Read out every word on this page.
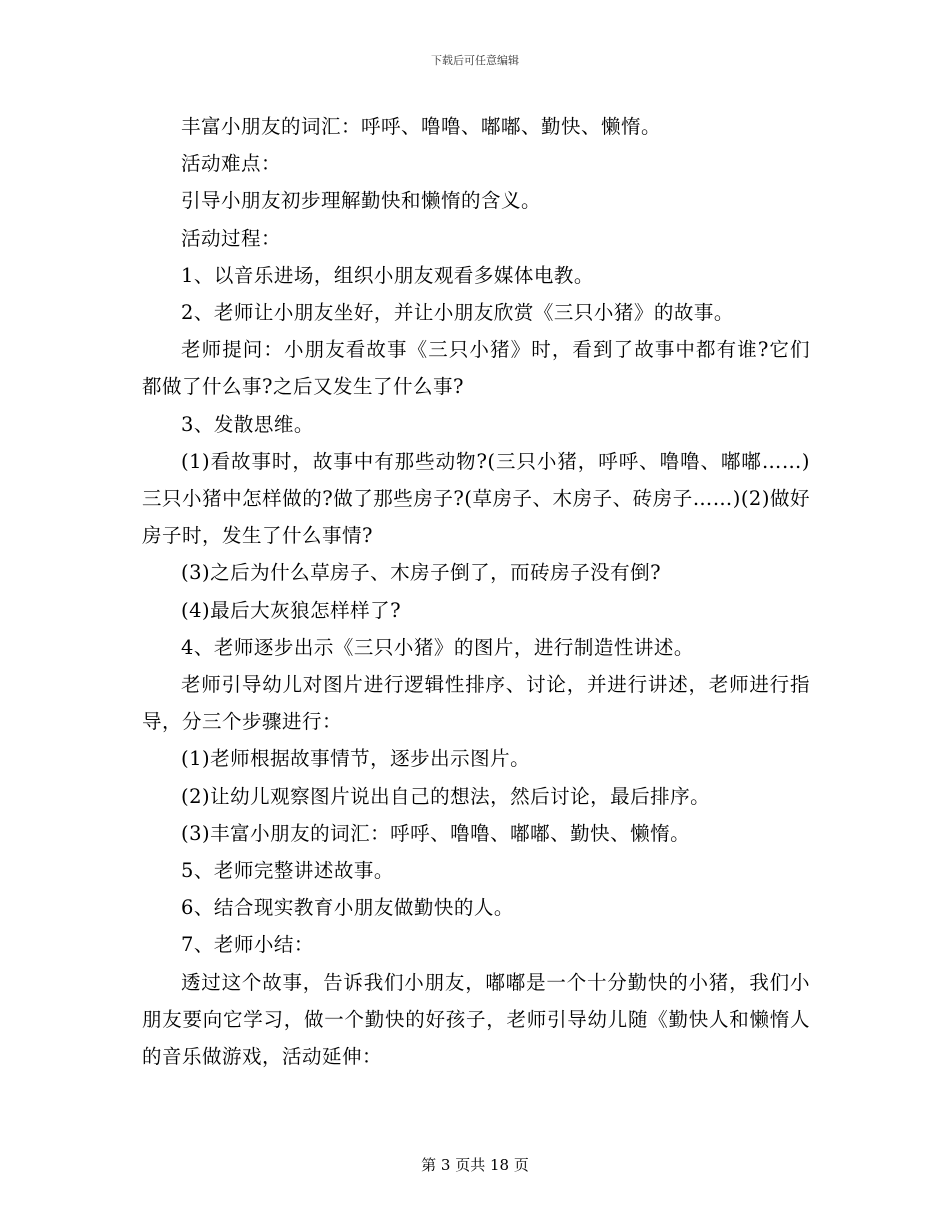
下载后可任意编辑

丰富小朋友的词汇：呼呼、噜噜、嘟嘟、勤快、懒惰。

活动难点：

引导小朋友初步理解勤快和懒惰的含义。

活动过程：

1、以音乐进场，组织小朋友观看多媒体电教。

2、老师让小朋友坐好，并让小朋友欣赏《三只小猪》的故事。

老师提问：小朋友看故事《三只小猪》时，看到了故事中都有谁?它们都做了什么事?之后又发生了什么事?

3、发散思维。

(1)看故事时，故事中有那些动物?(三只小猪，呼呼、噜噜、嘟嘟……)三只小猪中怎样做的?做了那些房子?(草房子、木房子、砖房子……)(2)做好房子时，发生了什么事情?

(3)之后为什么草房子、木房子倒了，而砖房子没有倒?

(4)最后大灰狼怎样样了?

4、老师逐步出示《三只小猪》的图片，进行制造性讲述。

老师引导幼儿对图片进行逻辑性排序、讨论，并进行讲述，老师进行指导，分三个步骤进行：

(1)老师根据故事情节，逐步出示图片。

(2)让幼儿观察图片说出自己的想法，然后讨论，最后排序。

(3)丰富小朋友的词汇：呼呼、噜噜、嘟嘟、勤快、懒惰。

5、老师完整讲述故事。

6、结合现实教育小朋友做勤快的人。

7、老师小结：

透过这个故事，告诉我们小朋友，嘟嘟是一个十分勤快的小猪，我们小朋友要向它学习，做一个勤快的好孩子，老师引导幼儿随《勤快人和懒惰人的音乐做游戏，活动延伸：

第 3 页共 18 页
